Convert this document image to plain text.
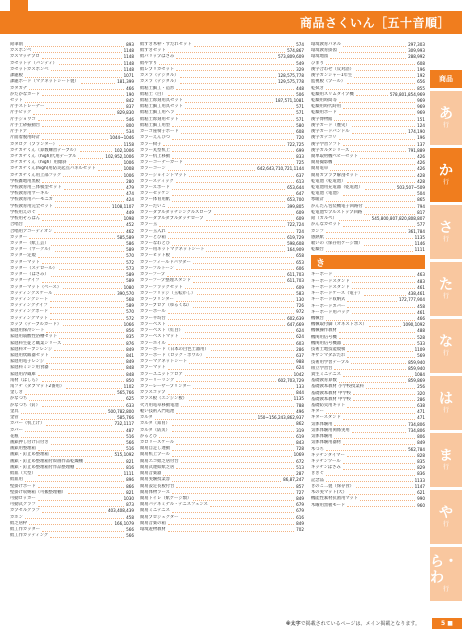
商品さくいん［五十音順］
鉛筆削	893
ガスボンベ	1148
ガスマッチプロ	1148
カセットデ（バンディ）	1148
カセットガスボンベ	1148
課題板	1071
課題ボード（マグネットシート製）	181,399
カタカナ	466
かたかなカード	190
セット	842
片手ストレーナー	837
片手ピック	829,830
片手ジョウゴ	546
片手土砂振動台	800
片手ドア	534
片面着脱用時計	1044~1046
カタログ（プランター）	1158
カチカチくん（算数練習デーブル）	102,1006
カチカチくん（high)代用デーブル	102,952,1006
カチカチくん（high）用傾斜	1006
カチカチくん(high)用防炎起点パネルセット	1008
カチカチくん用上部フック	1006
学校雑地用黒板	280
学校教育用三体模型セット	479
学校教育用サーキル	474
学校教育用ハーモニカ	424
学校教育用完全セット	1108,1107
学校用えのぐ	449
学校用そろばん	1098
合唱台	452
合唱用アコーディオン	462
カッター	585,589
カッター（紙工芸）	586
カッター（サークル）	589
カッター定規	570
カッターマット	572
カッター（ステロール）	573
カッター（はさみ）	589
カッターナイフ	589
カッターマット（ベース）	1080
カッティングスケール	390,570
カッティングシート	568
カッティングナイフ	589
カッティングボード	570
カッティングマット	572
カップ（テーブルカード）	1066
家庭用保冷シート	856
家庭用弱酸性浴槽セット	835
家庭科生徒と職業シリーズ	876
家庭科オーブンレンジ	849
家庭用炊飯器セット	841
家庭用電子レンジ	849
家庭科ミシン用食器	848
家庭用冷蔵庫	848
角材（はしら）	850
角フチ（ダブマット2番用）	1102
金しき	565,766
かなづち	625
かなづち（釘）	633
金具	500,782,800
金管	585,766
カバー（机上げ）	732,1117
カバー	487
花瓶	516
画鋲押し付け日付き	566
画鋲用整理箱	516
画鋲・釘止め整理箱	515,1092
画鋲・釘止め整理箱付絵画作品乾燥棚	821
画鋲・釘止め整理箱付作品整理棚	816
紙皿（大型）	1111
紙皿用	896
壁掛けボード	866
壁掛け収納箱（可搬整理棚）	821
可動ロッカー	1030
可動式グラフ	873
カプセルグラフ	403,408,439
カホン	458
紙芝居枠	166,1079
紙工作カッター	566
紙工作カッティング	566
紙すき木枠・すだれセット	574
紙すきセット	574,867
紙パリップはさみ	573,809,609
紙やすり	549
紙レプリカセット	329
カメラ（デジタル）	128,575,778
カメラ（デジタル）	129,575,778
紙粘土細工・造形	448
紙粘土（白）	506
紙粘土彫刻用具セット	187,571,1081
紙粘土細工用具セット	571
紙粘土細工用ヘラ	571
紙粘土彫刻用セット	571
紙粘土細工用型	580
カーゴ座椅子ボード	608
カラーえんぴつ	720
カラー椅子	722,725
カラー丸型机上	699
カラー机上移動	833
カラーコーナーガード	725
カラーコーン	642,643,710,721,1144
カラージョイントマット	637
カラースティック	613
カラーズボード	653,644
カラーゼッケン	647
カラー体育用紙	653,700
カラーだいこ	399,805
カラーダブルダッチシングルスロープ	609
カラーダブルダブルダッチロープ	609
カラー玉	722,724
カラー玉入れ	724
カラーとび箱	619,729
カラーなわとび	598,608
カラー用ネットマグネットシート	164,909
カラービット板	658
カラーフィールドパウダー	653
カラーフルトーン	606
カラーフープ	611,703
カラーフープ整理スタンド	611,703
カラーフラッグセット	609
カラーフリッジ（玉転がし）	583
カラープリンター	130
カラーブロア（ゆるくね）	726
カラーボール	972
カラー平均台	602,639
カラーベスト	647,669
カラーベスト（紅白）	624
カラーベストマット	624
カラーホイル	603
カラーボード（日本の白色土器用）	286
カラーボード（ロック・ボウル）	637
カラーマグネットシート	988
カラーマット	624
カラーユニットフロア	1042
カラーリーリング	602,703,729
カラーレーザープリンター	133
ガラスコップ	844
ガラス板（エンジン板）	1135
火力用電卓移動電池	788
軽い技術入門電池	496
カルタ	150~156,243,862,937
カルタ（知育）	862
カルタ（防災）	319
かるとび	619
カロリースケール	843
簡易自走し連動	728
簡易机上プール	1069
簡易エコ紙芝居付台	672
簡易式連結紙芝居	513
簡易音楽器	287
簡易実験授業容	86,87,247
簡易設定長板付台	857
簡易体物ラーズ	727
簡易トイレ（紙ゲージ類）	849
簡易パテネミナル・テニスフェンス	679
簡易ミニテニス	679
簡易プロジェクター	616
簡易音楽の箱	849
環境遊物教材	702
環境教育パネル	297,303
環境教育掛図	309,993
環境地図	288,992
ひまり	608
漢字合わせ（反対語）	196
漢字カンシャー1年生	192
監視板（プール）	656
乾拭き	855
乾燥用スリムタイプ機	578,801,854,969
乾燥用時間等	969
乾燥用時代時用	969
乾燥用ボード	969
漢字博物館	151
漢字カード（歴史）	124
漢字カードバンドル	174,190
漢字カテゴリ	196
漢字学習ソフト	137
漢字カルタシリーズ	791,889
簡単取材機ベビーセット	426
簡易撮影機	426
簡易電卓	426
簡易カプラブ解剖セット	428
乾電池（乾電池）	428
乾電池用充電器（乾電池）	503,507~509
乾電池（電池）	504
寒暖計	865
かんたん包装機電子回路付	794
乾電池でプルストップ回路	817
鉛（カルペ）	545,800,807,820,808,807
かんなカセット	577
カンフ	361,784
感熱紙	1135
歌いの（保存用ゲージ類）	1146
乾燥台	1111
き
キーボード	463
キーボードスタンド	483
キーボードスタンド	461
キーボードケース（電子）	438,461
キーボード収納式	172,777,904
キーボードカバー	458
キーボード用バッグ	461
機械台	466
機械取付脚（オネストボス）	1090,1092
機械操作教材	488
機関用信号機	528
機関用信号機器	533
技術土地技能規模	1109
ギザンマダおたれ	569
技術用学習テープル	859,940
組立学習台	859,940
貴生ミニテニス	1084
基礎教育算数	859,869
基礎教本教材 小学校授業科	256
基礎教本教材 中学校	320
基礎教本教材 中学校	286
基礎防災用キット	638
ギター	471
ギタースタンド	471
気体体験用	734,806
気体体験用関係実用	734,806
気体体験用	806
気体体験用器材	849
木づち	562,784
キッチンタイマー	828
キッチンツール	835
キッチンはさみ	829
ききぐ	836
記念品	1133
きのこ二製（保存食）	1147
木の実マット(大）	621
機能性素材抗菌用マット	990
木曜用黒板モード	960
商品
あ
行
か
行
さ
行
た
行
な
行
は
行
ま
行
や
行
ら・わ
行
※太字で掲載されているページは、メイン掲載となります。	5 ■
